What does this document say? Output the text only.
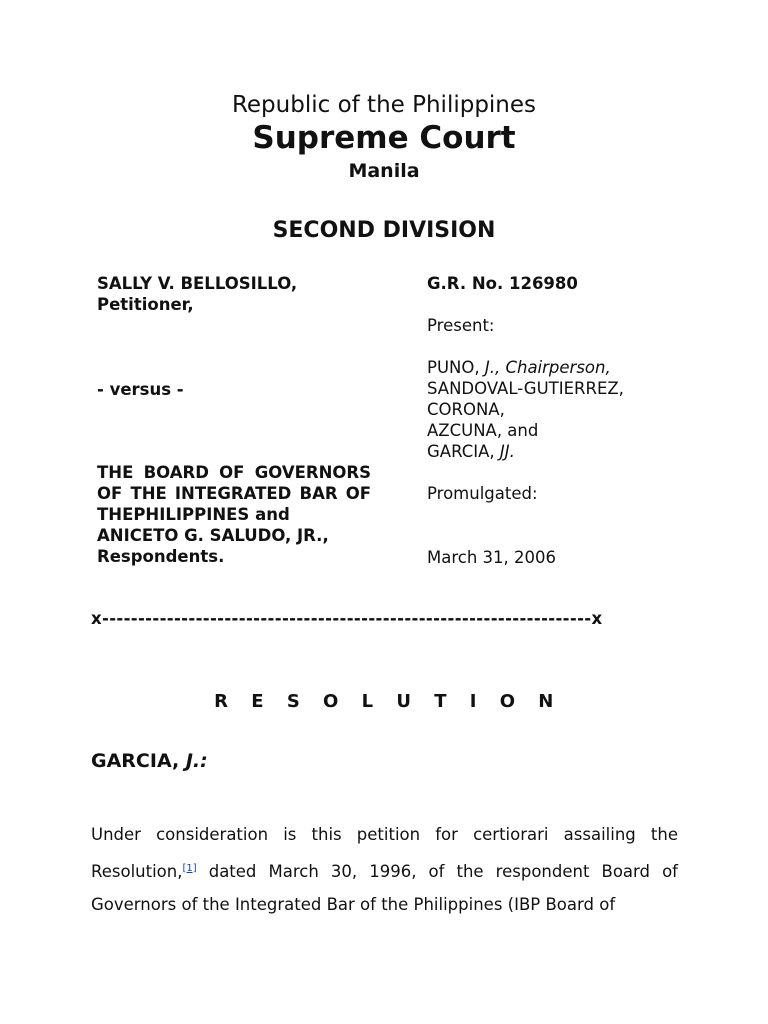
Republic of the Philippines
Supreme Court
Manila
SECOND DIVISION
SALLY V. BELLOSILLO,
Petitioner,
- versus -
THE BOARD OF GOVERNORS OF THE INTEGRATED BAR OF
THEPHILIPPINES and
ANICETO G. SALUDO, JR.,
Respondents.
G.R. No. 126980
Present:
PUNO, J., Chairperson,
SANDOVAL-GUTIERREZ,
CORONA,
AZCUNA, and
GARCIA, JJ.
Promulgated:
March 31, 2006
x--------------------------------------------------------------------x
R E S O L U T I O N
GARCIA, J.:
Under consideration is this petition for certiorari assailing the Resolution,[1] dated March 30, 1996, of the respondent Board of Governors of the Integrated Bar of the Philippines (IBP Board of
